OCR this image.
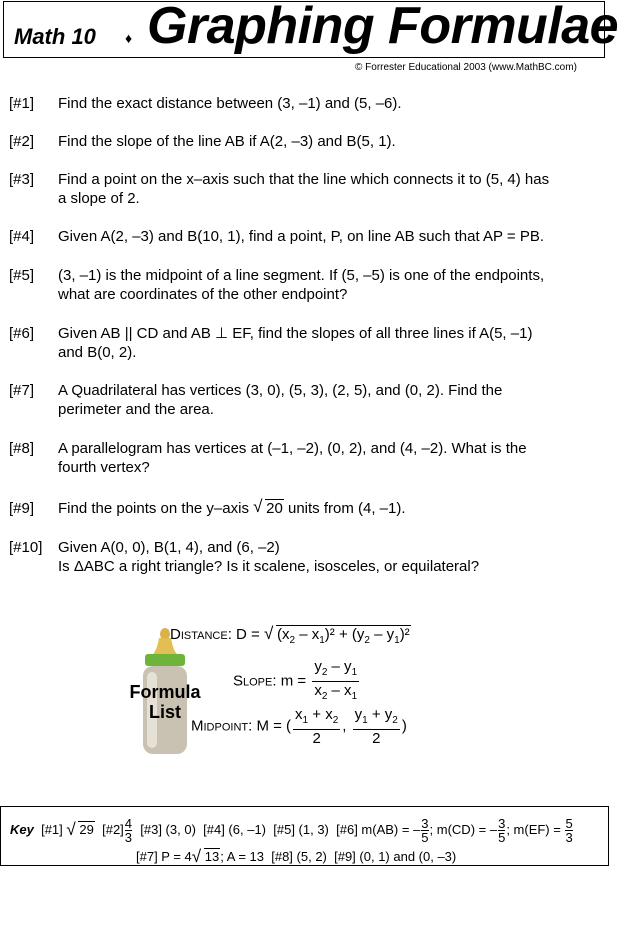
Math 10 ♦ Graphing Formulae
© Forrester Educational 2003 (www.MathBC.com)
[#1] Find the exact distance between (3, –1) and (5, –6).
[#2] Find the slope of the line AB if A(2, –3) and B(5, 1).
[#3] Find a point on the x–axis such that the line which connects it to (5, 4) has
a slope of 2.
[#4] Given A(2, –3) and B(10, 1), find a point, P, on line AB such that AP = PB.
[#5] (3, –1) is the midpoint of a line segment. If (5, –5) is one of the endpoints,
what are coordinates of the other endpoint?
[#6] Given AB || CD and AB ⊥ EF, find the slopes of all three lines if A(5, –1)
and B(0, 2).
[#7] A Quadrilateral has vertices (3, 0), (5, 3), (2, 5), and (0, 2). Find the
perimeter and the area.
[#8] A parallelogram has vertices at (–1, –2), (0, 2), and (4, –2). What is the
fourth vertex?
[#9] Find the points on the y–axis √ 20 units from (4, –1).
[#10] Given A(0, 0), B(1, 4), and (6, –2)
Is ΔABC a right triangle? Is it scalene, isosceles, or equilateral?
Formula
List
Distance: D = √ $(x_2 - x_1)^2 + (y_2 - y_1)^2$
Slope: $m = \frac{y_2 - y_1}{x_2 - x_1}$
Midpoint: M = ( $\frac{x_1 + x_2}{2}$ , $\frac{y_1 + y_2}{2}$ )
Key [#1] √ 29 [#2] $\frac{4}{3}$ [#3] (3, 0) [#4] (6, –1) [#5] (1, 3) [#6] m(AB) = – $\frac{3}{5}$ ; m(CD) = – $\frac{3}{5}$ ; $m(EF) = \frac{5}{3}$
[#7] P = 4 √ 13; A = 13 [#8] (5, 2) [#9] (0, 1) and (0, –3)
